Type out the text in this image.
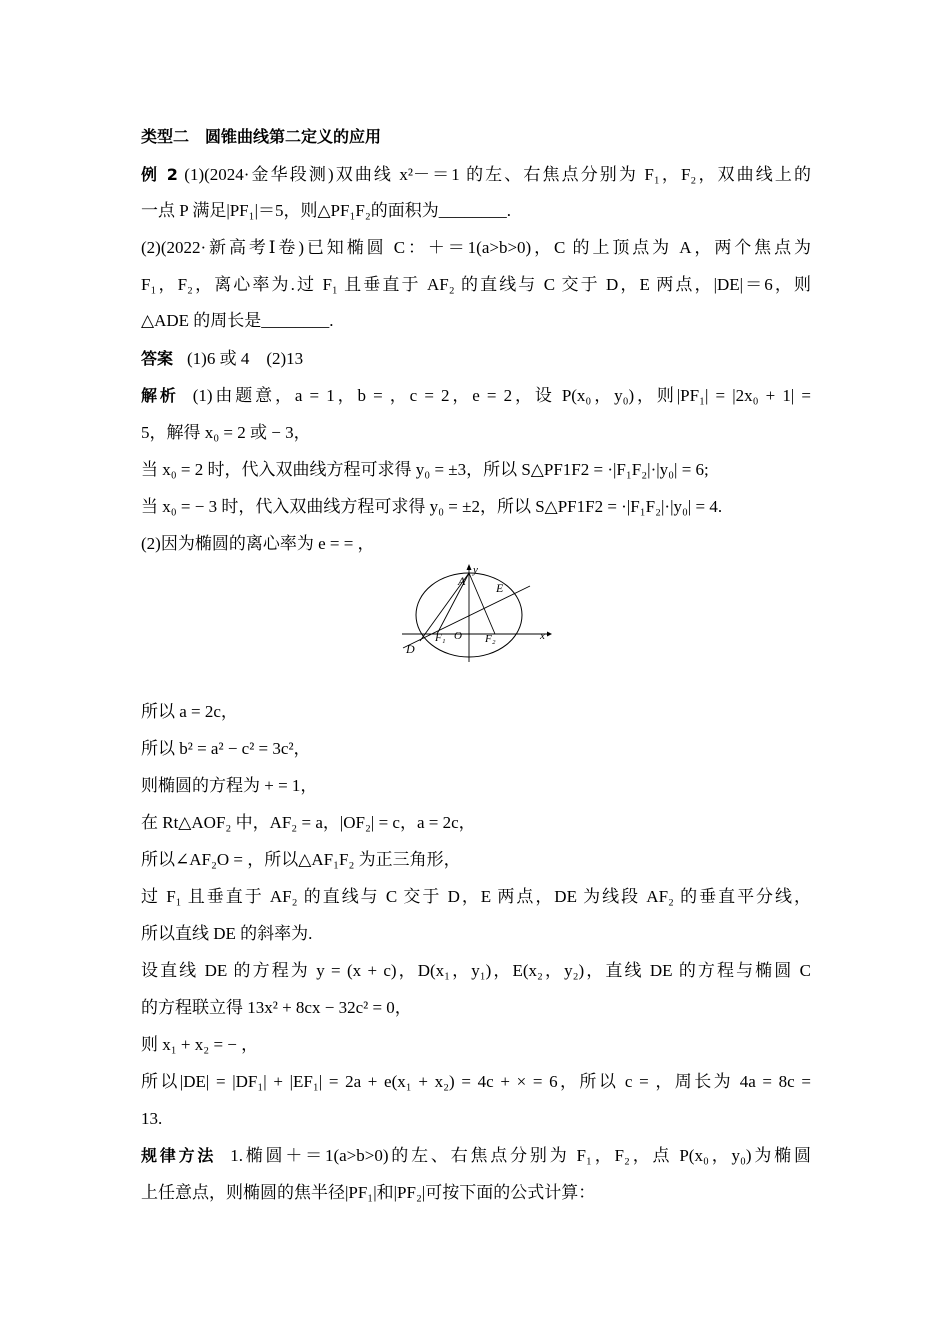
类型二　圆锥曲线第二定义的应用
例 2 (1)(2024·金华段测)双曲线 x²－＝1 的左、右焦点分别为 F₁，F₂，双曲线上的
一点 P 满足|PF₁|＝5，则△PF₁F₂的面积为________.
(2)(2022·新高考Ⅰ卷)已知椭圆 C：＋＝1(a>b>0)，C 的上顶点为 A，两个焦点为
F₁，F₂，离心率为.过 F₁ 且垂直于 AF₂ 的直线与 C 交于 D，E 两点，|DE|＝6，则
△ADE 的周长是________.
答案 (1)6 或 4　(2)13
解析 (1)由题意，a = 1，b = ，c = 2，e = 2，设 P(x₀，y₀)，则|PF₁| = |2x₀ + 1| =
5，解得 x₀ = 2 或 − 3，
当 x₀ = 2 时，代入双曲线方程可求得 y₀ = ±3，所以 S△PF1F2 = ·|F₁F₂|·|y₀| = 6;
当 x₀ = − 3 时，代入双曲线方程可求得 y₀ = ±2，所以 S△PF1F2 = ·|F₁F₂|·|y₀| = 4.
(2)因为椭圆的离心率为 e = = ，
A
y
E
F₁ O F₂	x
D
所以 a = 2c，
所以 b² = a² − c² = 3c²，
则椭圆的方程为 + = 1，
在 Rt△AOF₂ 中，AF₂ = a，|OF₂| = c，a = 2c，
所以∠AF₂O = ，所以△AF₁F₂ 为正三角形，
过 F₁ 且垂直于 AF₂ 的直线与 C 交于 D，E 两点，DE 为线段 AF₂ 的垂直平分线，
所以直线 DE 的斜率为.
设直线 DE 的方程为 y = (x + c)，D(x₁，y₁)，E(x₂，y₂)，直线 DE 的方程与椭圆 C
的方程联立得 13x² + 8cx − 32c² = 0，
则 x₁ + x₂ = − ，
所以|DE| = |DF₁| + |EF₁| = 2a + e(x₁ + x₂) = 4c + × = 6，所以 c = ，周长为 4a = 8c =
13.
规律方法 1.椭圆＋＝1(a>b>0)的左、右焦点分别为 F₁，F₂，点 P(x₀，y₀)为椭圆
上任意点，则椭圆的焦半径|PF₁|和|PF₂|可按下面的公式计算：
